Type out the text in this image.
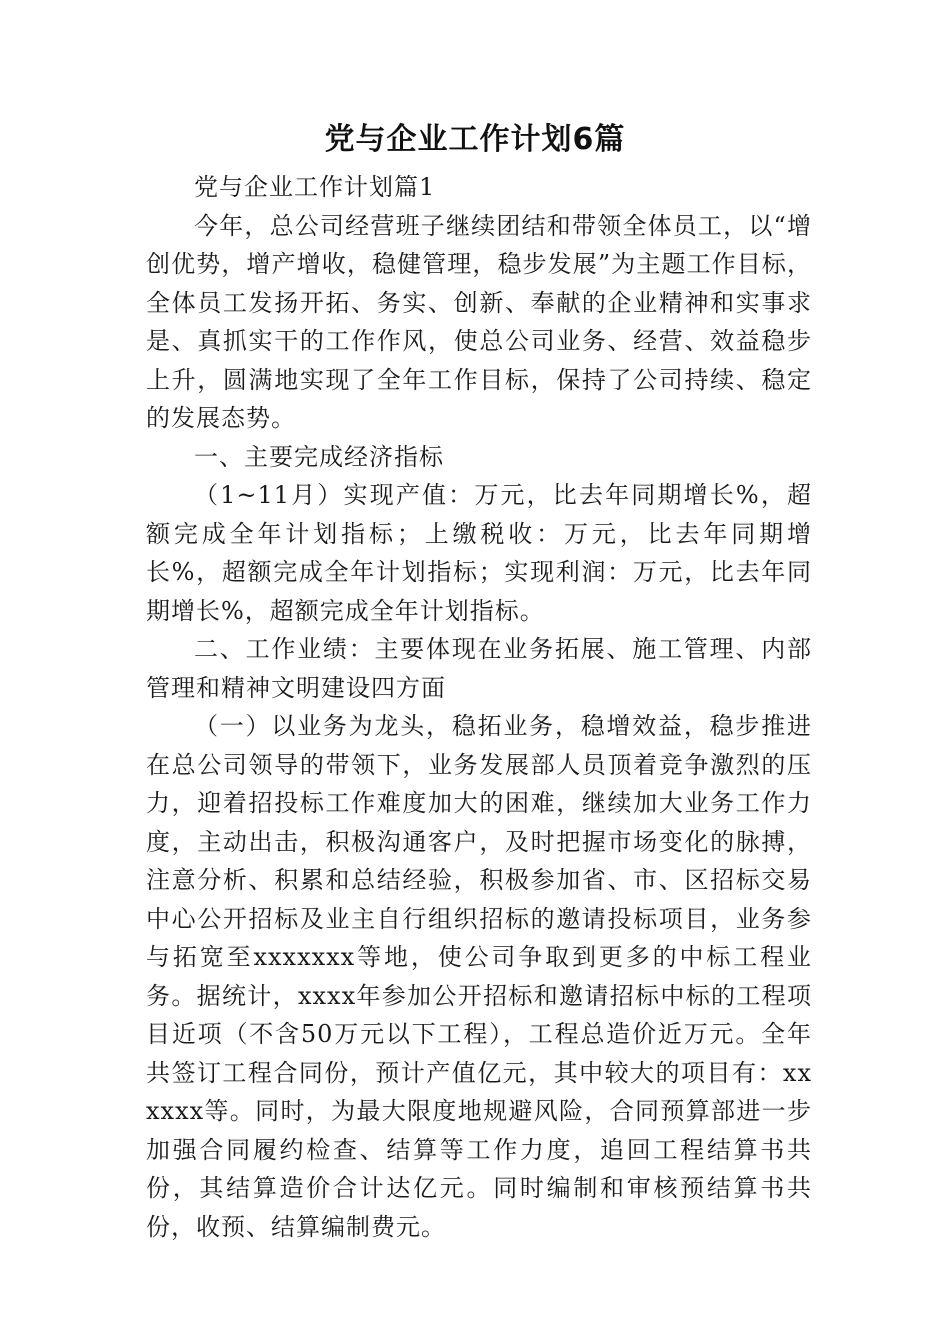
党与企业工作计划6篇

党与企业工作计划篇1

今年，总公司经营班子继续团结和带领全体员工，以“增创优势，增产增收，稳健管理，稳步发展”为主题工作目标，全体员工发扬开拓、务实、创新、奉献的企业精神和实事求是、真抓实干的工作作风，使总公司业务、经营、效益稳步上升，圆满地实现了全年工作目标，保持了公司持续、稳定的发展态势。

一、主要完成经济指标

（1~11月）实现产值：万元，比去年同期增长%，超额完成全年计划指标；上缴税收：万元，比去年同期增长%，超额完成全年计划指标；实现利润：万元，比去年同期增长%，超额完成全年计划指标。

二、工作业绩：主要体现在业务拓展、施工管理、内部管理和精神文明建设四方面

（一）以业务为龙头，稳拓业务，稳增效益，稳步推进在总公司领导的带领下，业务发展部人员顶着竞争激烈的压力，迎着招投标工作难度加大的困难，继续加大业务工作力度，主动出击，积极沟通客户，及时把握市场变化的脉搏，注意分析、积累和总结经验，积极参加省、市、区招标交易中心公开招标及业主自行组织招标的邀请投标项目，业务参与拓宽至xxxxxxx等地，使公司争取到更多的中标工程业务。据统计，xxxx年参加公开招标和邀请招标中标的工程项目近项（不含50万元以下工程），工程总造价近万元。全年共签订工程合同份，预计产值亿元，其中较大的项目有：xxxxxx等。同时，为最大限度地规避风险，合同预算部进一步加强合同履约检查、结算等工作力度，追回工程结算书共份，其结算造价合计达亿元。同时编制和审核预结算书共份，收预、结算编制费元。
